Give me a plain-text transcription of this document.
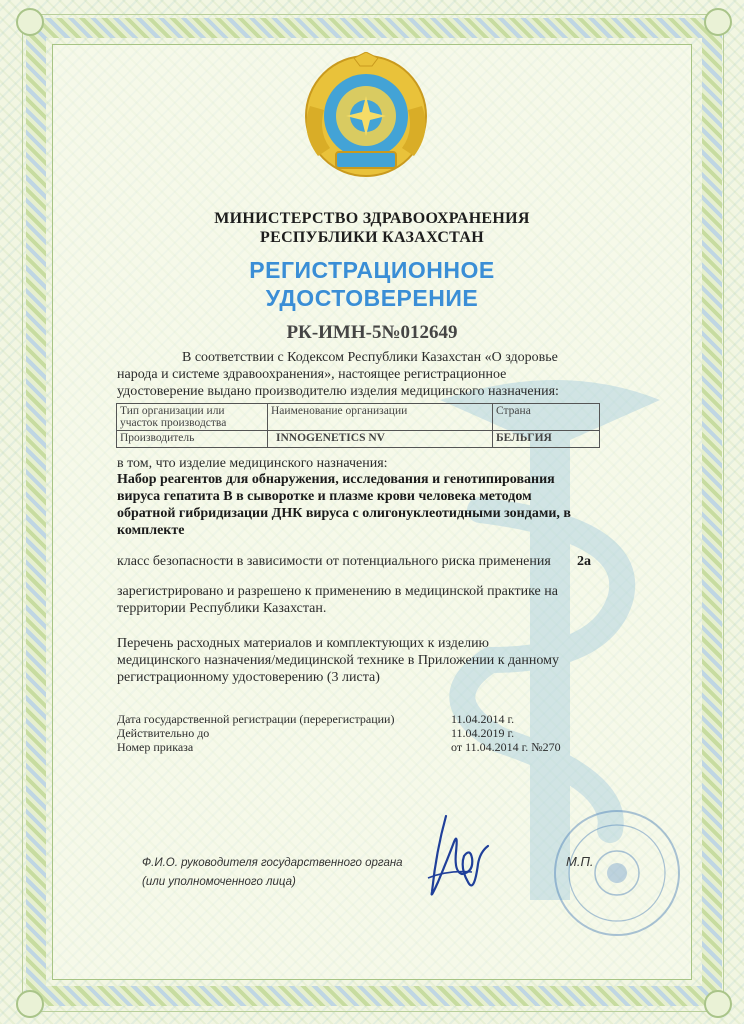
МИНИСТЕРСТВО ЗДРАВООХРАНЕНИЯ
РЕСПУБЛИКИ КАЗАХСТАН
РЕГИСТРАЦИОННОЕ
УДОСТОВЕРЕНИЕ
РК-ИМН-5№012649
В соответствии с Кодексом Республики Казахстан «О здоровье
народа и системе здравоохранения», настоящее регистрационное
удостоверение выдано производителю изделия медицинского назначения:
Тип организации или
участок производства	Наименование организации	Страна
Производитель	INNOGENETICS NV	БЕЛЬГИЯ
в том, что изделие медицинского назначения:
Набор реагентов для обнаружения, исследования и генотипирования
вируса гепатита В в сыворотке и плазме крови человека методом
обратной гибридизации ДНК вируса с олигонуклеотидными зондами, в
комплекте
класс безопасности в зависимости от потенциального риска применения 2а
зарегистрировано и разрешено к применению в медицинской практике на
территории Республики Казахстан.
Перечень расходных материалов и комплектующих к изделию
медицинского назначения/медицинской технике в Приложении к данному
регистрационному удостоверению (3 листа)
Дата государственной регистрации (перерегистрации)	11.04.2014 г.
Действительно до	11.04.2019 г.
Номер приказа	от 11.04.2014 г. №270
Ф.И.О. руководителя государственного органа
(или уполномоченного лица)
М.П.
